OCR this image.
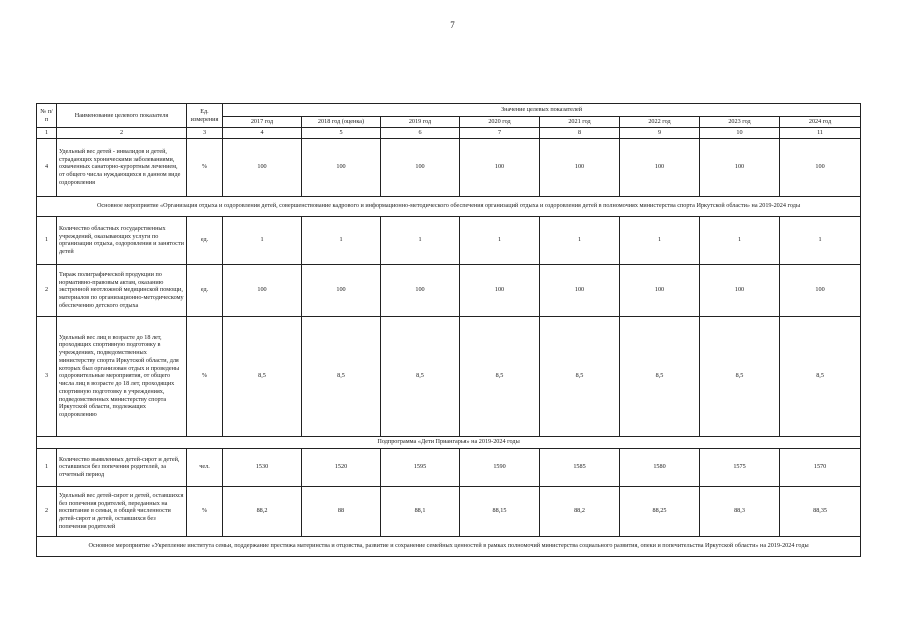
7
№ п/п	Наименование целевого показателя	Ед. измерения	Значение целевых показателей							
			2017 год	2018 год (оценка)	2019 год	2020 год	2021 год	2022 год	2023 год	2024 год
1	2	3	4	5	6	7	8	9	10	11
4	Удельный вес детей - инвалидов и детей, страдающих хроническими заболеваниями, охваченных санаторно-курортным лечением, от общего числа нуждающихся в данном виде оздоровления	%	100	100	100	100	100	100	100	100
Основное мероприятие «Организация отдыха и оздоровления детей, совершенствование кадрового и информационно-методического обеспечения организаций отдыха и оздоровления детей в полномочиях министерства спорта Иркутской области» на 2019-2024 годы										
1	Количество областных государственных учреждений, оказывающих услуги по организации отдыха, оздоровления и занятости детей	ед.	1	1	1	1	1	1	1	1
2	Тираж полиграфической продукции по нормативно-правовым актам, оказанию экстренной неотложной медицинской помощи, материалов по организационно-методическому обеспечению детского отдыха	ед.	100	100	100	100	100	100	100	100
3	Удельный вес лиц в возрасте до 18 лет, проходящих спортивную подготовку в учреждениях, подведомственных министерству спорта Иркутской области, для которых был организован отдых и проведены оздоровительные мероприятия, от общего числа лиц в возрасте до 18 лет, проходящих спортивную подготовку в учреждениях, подведомственных министерству спорта Иркутской области, подлежащих оздоровлению	%	8,5	8,5	8,5	8,5	8,5	8,5	8,5	8,5
Подпрограмма «Дети Приангарья» на 2019-2024 годы										
1	Количество выявленных детей-сирот и детей, оставшихся без попечения родителей, за отчетный период	чел.	1530	1520	1595	1590	1585	1580	1575	1570
2	Удельный вес детей-сирот и детей, оставшихся без попечения родителей, переданных на воспитание в семьи, в общей численности детей-сирот и детей, оставшихся без попечения родителей	%	88,2	88	88,1	88,15	88,2	88,25	88,3	88,35
Основное мероприятие «Укрепление института семьи, поддержание престижа материнства и отцовства, развитие и сохранение семейных ценностей в рамках полномочий министерства социального развития, опеки и попечительства Иркутской области» на 2019-2024 годы										
